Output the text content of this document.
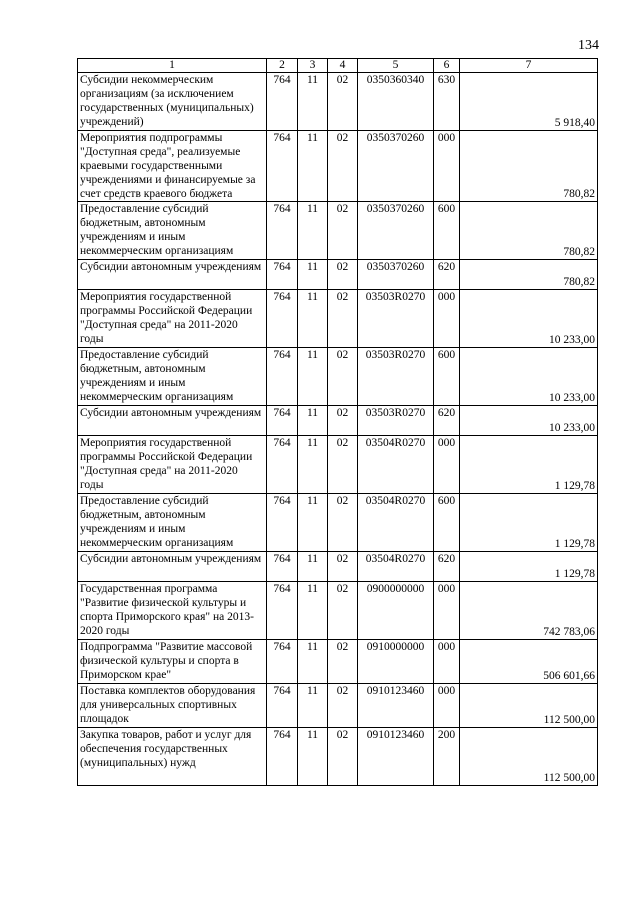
134
1	2	3	4	5	6	7
Субсидии некоммерческим организациям (за исключением государственных (муниципальных) учреждений)	764	11	02	0350360340	630	5 918,40
Мероприятия подпрограммы "Доступная среда", реализуемые краевыми государственными учреждениями и финансируемые за счет средств краевого бюджета	764	11	02	0350370260	000	780,82
Предоставление субсидий бюджетным, автономным учреждениям и иным некоммерческим организациям	764	11	02	0350370260	600	780,82
Субсидии автономным учреждениям	764	11	02	0350370260	620	780,82
Мероприятия государственной программы Российской Федерации "Доступная среда" на 2011-2020 годы	764	11	02	03503R0270	000	10 233,00
Предоставление субсидий бюджетным, автономным учреждениям и иным некоммерческим организациям	764	11	02	03503R0270	600	10 233,00
Субсидии автономным учреждениям	764	11	02	03503R0270	620	10 233,00
Мероприятия государственной программы Российской Федерации "Доступная среда" на 2011-2020 годы	764	11	02	03504R0270	000	1 129,78
Предоставление субсидий бюджетным, автономным учреждениям и иным некоммерческим организациям	764	11	02	03504R0270	600	1 129,78
Субсидии автономным учреждениям	764	11	02	03504R0270	620	1 129,78
Государственная программа "Развитие физической культуры и спорта Приморского края" на 2013-2020 годы	764	11	02	0900000000	000	742 783,06
Подпрограмма "Развитие массовой физической культуры и спорта в Приморском крае"	764	11	02	0910000000	000	506 601,66
Поставка комплектов оборудования для универсальных спортивных площадок	764	11	02	0910123460	000	112 500,00
Закупка товаров, работ и услуг для обеспечения государственных (муниципальных) нужд	764	11	02	0910123460	200	112 500,00
